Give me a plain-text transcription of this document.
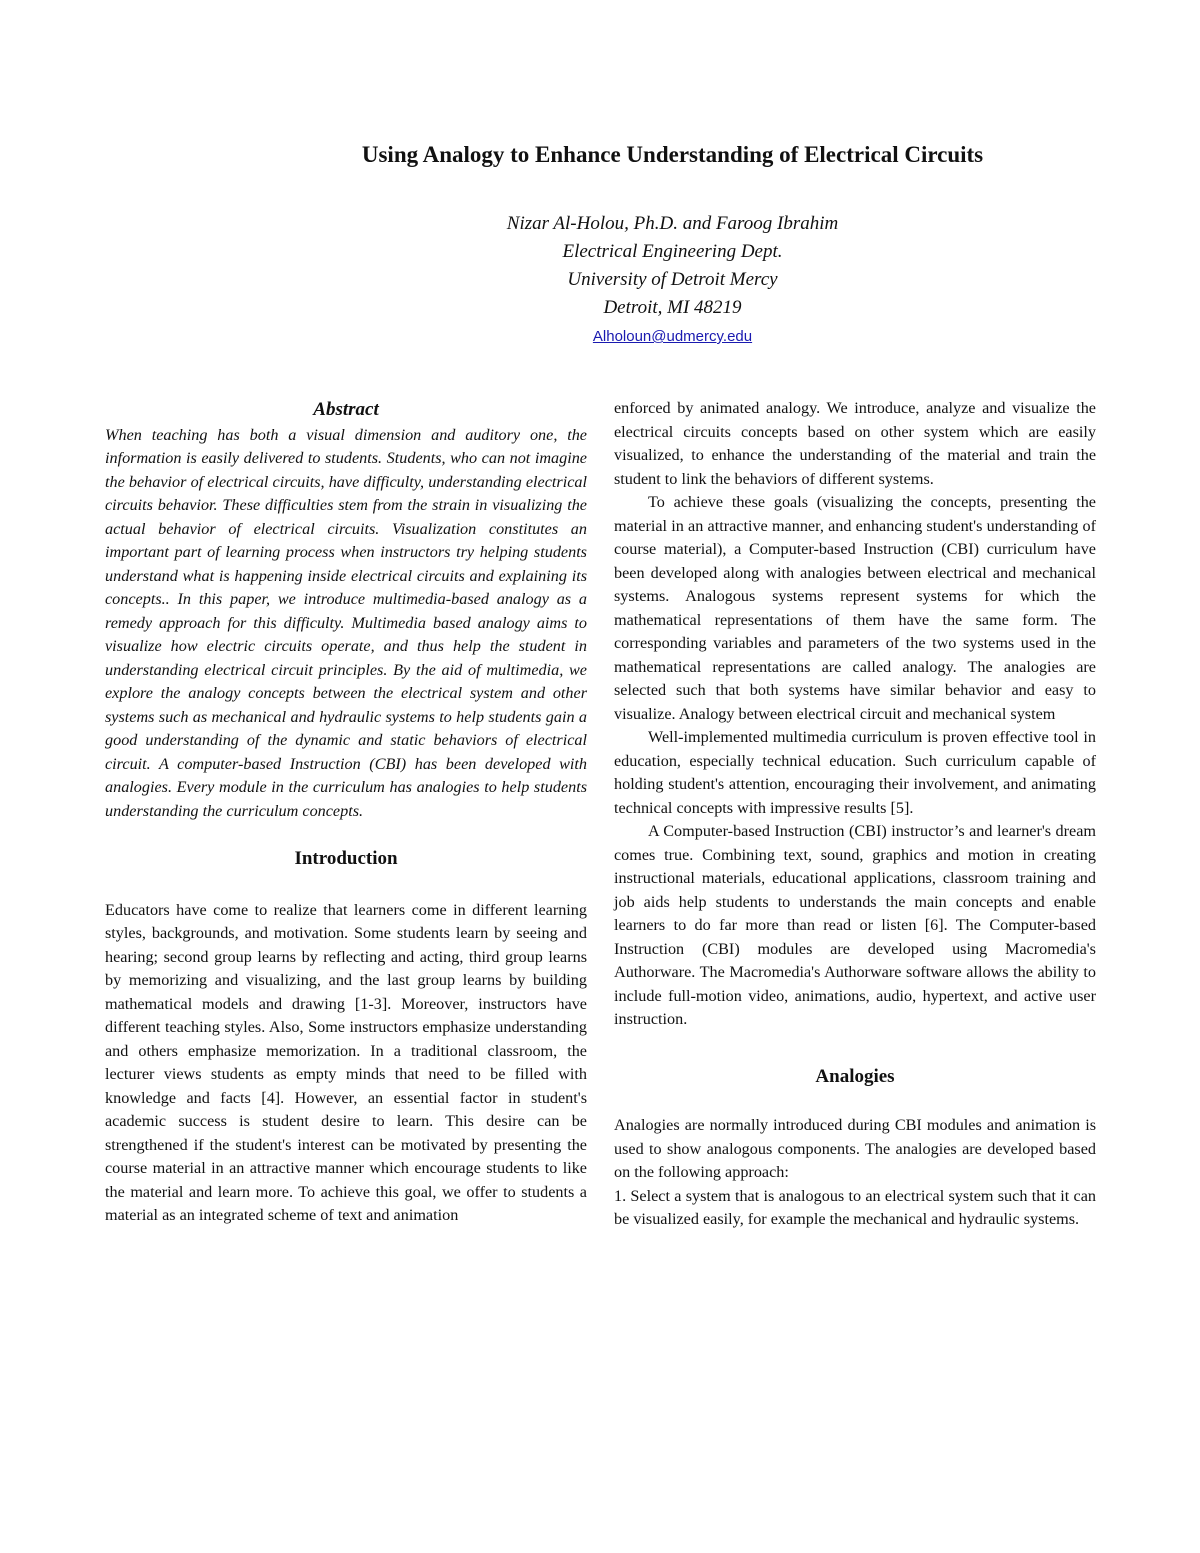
Using Analogy to Enhance Understanding of Electrical Circuits
Nizar Al-Holou, Ph.D. and Faroog Ibrahim
Electrical Engineering Dept.
University of Detroit Mercy
Detroit, MI 48219
Alholoun@udmercy.edu
Abstract

When teaching has both a visual dimension and auditory one, the information is easily delivered to students. Students, who can not imagine the behavior of electrical circuits, have difficulty, understanding electrical circuits behavior. These difficulties stem from the strain in visualizing the actual behavior of electrical circuits. Visualization constitutes an important part of learning process when instructors try helping students understand what is happening inside electrical circuits and explaining its concepts.. In this paper, we introduce multimedia-based analogy as a remedy approach for this difficulty. Multimedia based analogy aims to visualize how electric circuits operate, and thus help the student in understanding electrical circuit principles. By the aid of multimedia, we explore the analogy concepts between the electrical system and other systems such as mechanical and hydraulic systems to help students gain a good understanding of the dynamic and static behaviors of electrical circuit. A computer-based Instruction (CBI) has been developed with analogies. Every module in the curriculum has analogies to help students understanding the curriculum concepts.

Introduction

Educators have come to realize that learners come in different learning styles, backgrounds, and motivation. Some students learn by seeing and hearing; second group learns by reflecting and acting, third group learns by memorizing and visualizing, and the last group learns by building mathematical models and drawing [1-3]. Moreover, instructors have different teaching styles. Also, Some instructors emphasize understanding and others emphasize memorization. In a traditional classroom, the lecturer views students as empty minds that need to be filled with knowledge and facts [4]. However, an essential factor in student's academic success is student desire to learn. This desire can be strengthened if the student's interest can be motivated by presenting the course material in an attractive manner which encourage students to like the material and learn more. To achieve this goal, we offer to students a material as an integrated scheme of text and animation

enforced by animated analogy. We introduce, analyze and visualize the electrical circuits concepts based on other system which are easily visualized, to enhance the understanding of the material and train the student to link the behaviors of different systems.

To achieve these goals (visualizing the concepts, presenting the material in an attractive manner, and enhancing student's understanding of course material), a Computer-based Instruction (CBI) curriculum have been developed along with analogies between electrical and mechanical systems. Analogous systems represent systems for which the mathematical representations of them have the same form. The corresponding variables and parameters of the two systems used in the mathematical representations are called analogy. The analogies are selected such that both systems have similar behavior and easy to visualize. Analogy between electrical circuit and mechanical system

Well-implemented multimedia curriculum is proven effective tool in education, especially technical education. Such curriculum capable of holding student's attention, encouraging their involvement, and animating technical concepts with impressive results [5].

A Computer-based Instruction (CBI) instructor’s and learner's dream comes true. Combining text, sound, graphics and motion in creating instructional materials, educational applications, classroom training and job aids help students to understands the main concepts and enable learners to do far more than read or listen [6]. The Computer-based Instruction (CBI) modules are developed using Macromedia's Authorware. The Macromedia's Authorware software allows the ability to include full-motion video, animations, audio, hypertext, and active user instruction.

Analogies

Analogies are normally introduced during CBI modules and animation is used to show analogous components. The analogies are developed based on the following approach:

1. Select a system that is analogous to an electrical system such that it can be visualized easily, for example the mechanical and hydraulic systems.
